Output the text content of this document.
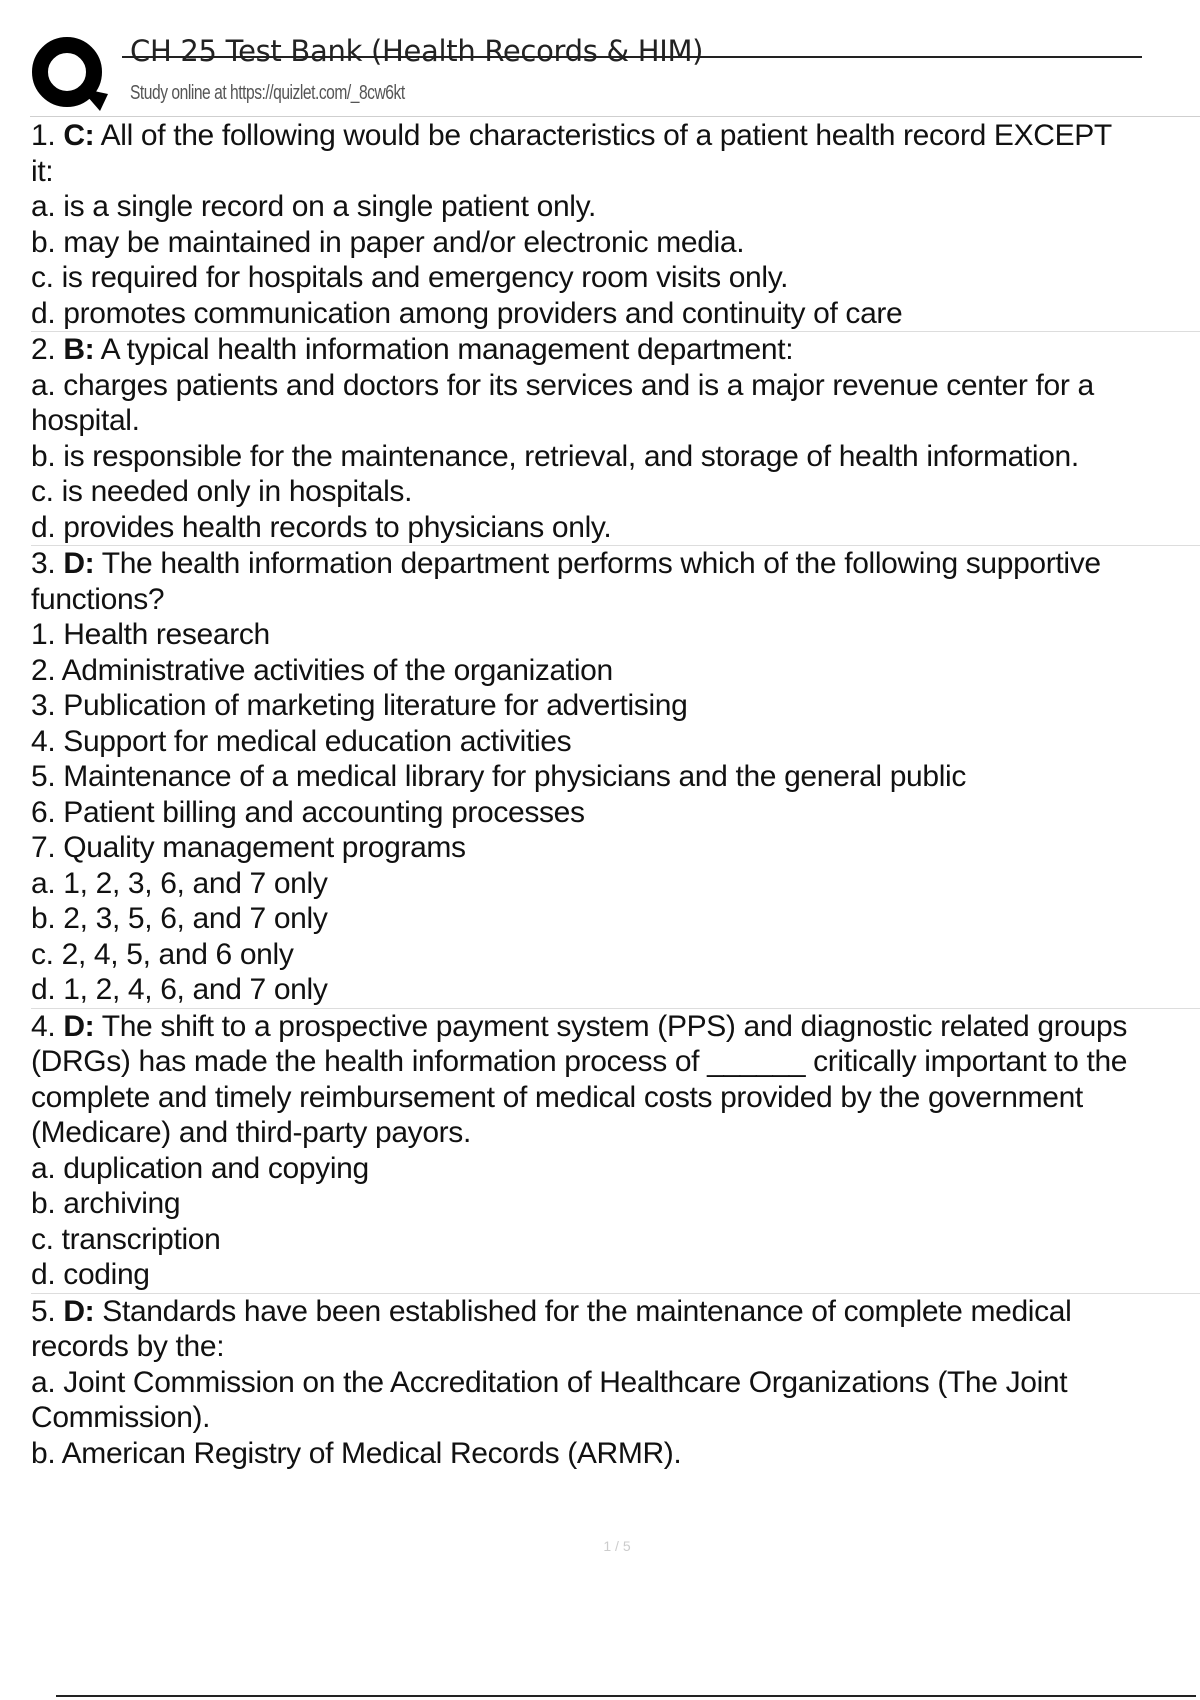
CH 25 Test Bank (Health Records & HIM)
Study online at https://quizlet.com/_8cw6kt
1. C: All of the following would be characteristics of a patient health record EXCEPT
it:
a. is a single record on a single patient only.
b. may be maintained in paper and/or electronic media.
c. is required for hospitals and emergency room visits only.
d. promotes communication among providers and continuity of care
2. B: A typical health information management department:
a. charges patients and doctors for its services and is a major revenue center for a
hospital.
b. is responsible for the maintenance, retrieval, and storage of health information.
c. is needed only in hospitals.
d. provides health records to physicians only.
3. D: The health information department performs which of the following supportive
functions?
1. Health research
2. Administrative activities of the organization
3. Publication of marketing literature for advertising
4. Support for medical education activities
5. Maintenance of a medical library for physicians and the general public
6. Patient billing and accounting processes
7. Quality management programs
a. 1, 2, 3, 6, and 7 only
b. 2, 3, 5, 6, and 7 only
c. 2, 4, 5, and 6 only
d. 1, 2, 4, 6, and 7 only
4. D: The shift to a prospective payment system (PPS) and diagnostic related groups
(DRGs) has made the health information process of ______ critically important to the
complete and timely reimbursement of medical costs provided by the government
(Medicare) and third-party payors.
a. duplication and copying
b. archiving
c. transcription
d. coding
5. D: Standards have been established for the maintenance of complete medical
records by the:
a. Joint Commission on the Accreditation of Healthcare Organizations (The Joint
Commission).
b. American Registry of Medical Records (ARMR).
1 / 5
